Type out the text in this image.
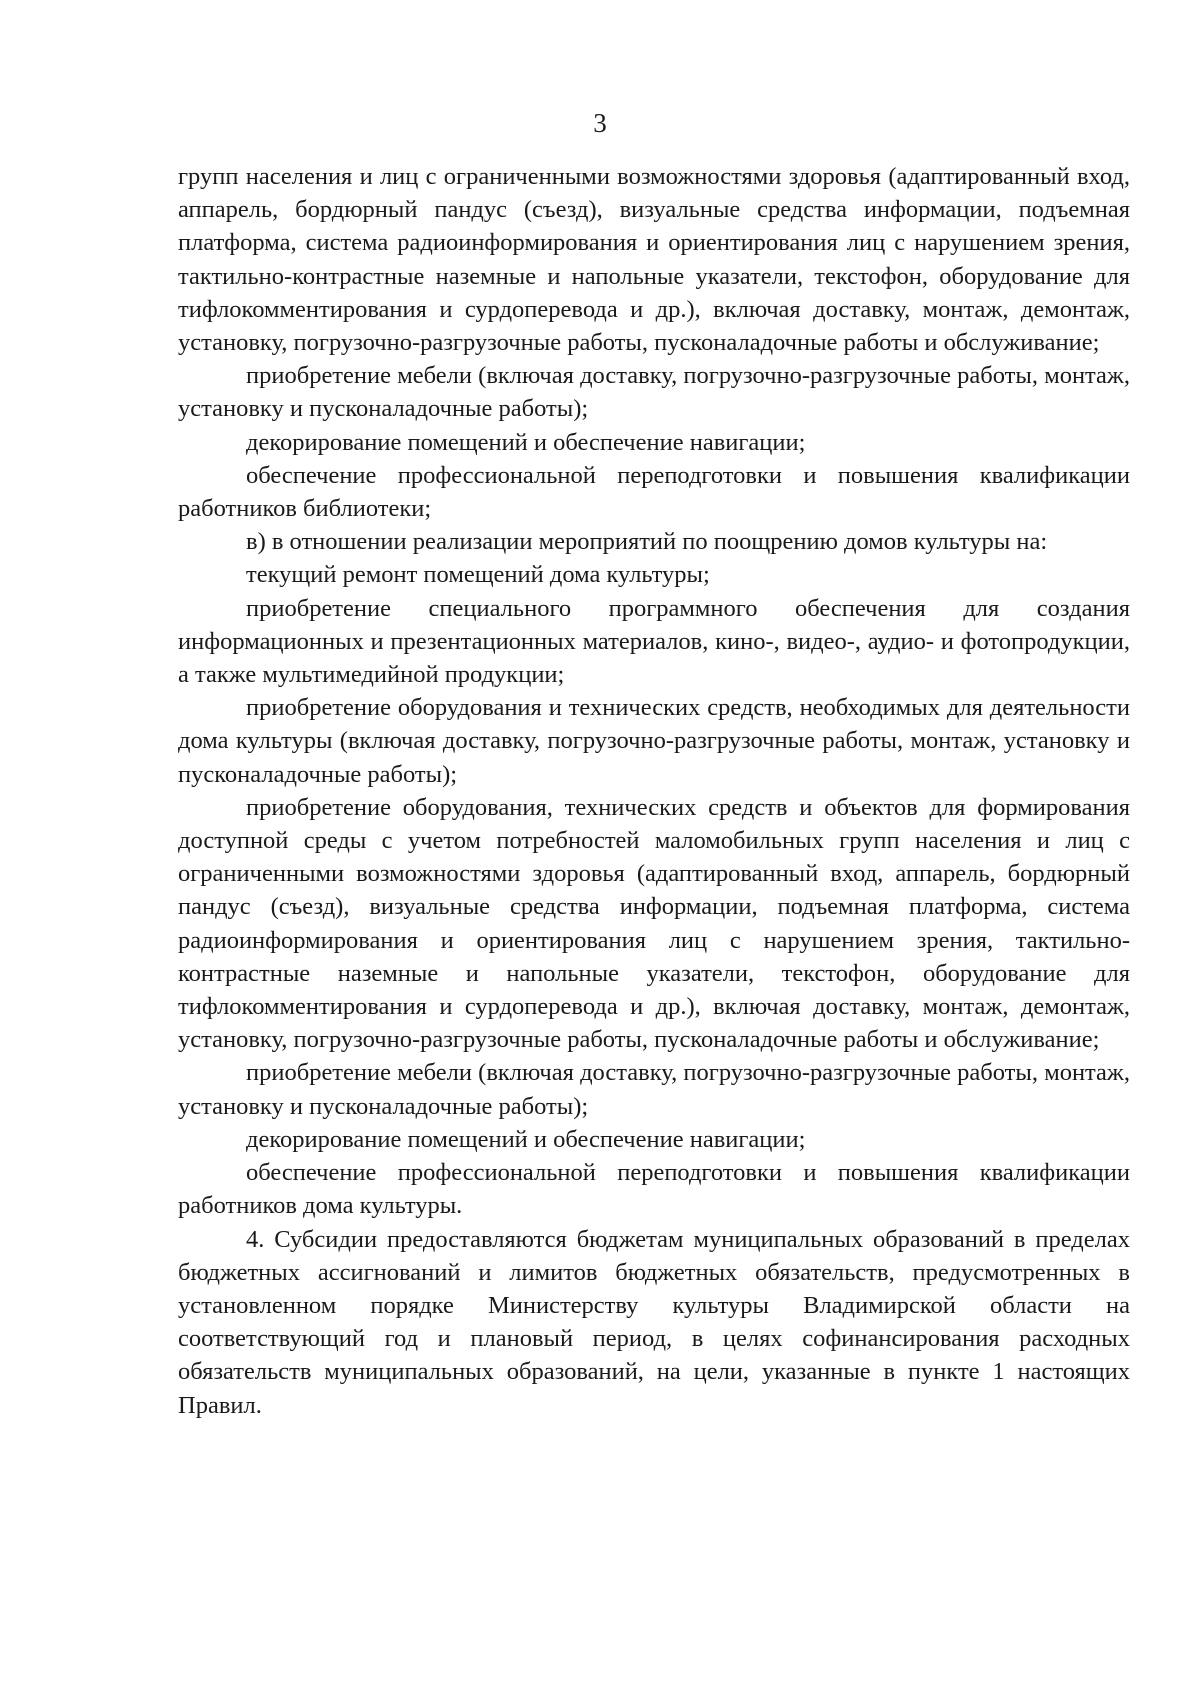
3

групп населения и лиц с ограниченными возможностями здоровья (адаптированный вход, аппарель, бордюрный пандус (съезд), визуальные средства информации, подъемная платформа, система радиоинформирования и ориентирования лиц с нарушением зрения, тактильно-контрастные наземные и напольные указатели, текстофон, оборудование для тифлокомментирования и сурдоперевода и др.), включая доставку, монтаж, демонтаж, установку, погрузочно-разгрузочные работы, пусконаладочные работы и обслуживание;

приобретение мебели (включая доставку, погрузочно-разгрузочные работы, монтаж, установку и пусконаладочные работы);

декорирование помещений и обеспечение навигации;

обеспечение профессиональной переподготовки и повышения квалификации работников библиотеки;

в) в отношении реализации мероприятий по поощрению домов культуры на:

текущий ремонт помещений дома культуры;

приобретение специального программного обеспечения для создания информационных и презентационных материалов, кино-, видео-, аудио- и фотопродукции, а также мультимедийной продукции;

приобретение оборудования и технических средств, необходимых для деятельности дома культуры (включая доставку, погрузочно-разгрузочные работы, монтаж, установку и пусконаладочные работы);

приобретение оборудования, технических средств и объектов для формирования доступной среды с учетом потребностей маломобильных групп населения и лиц с ограниченными возможностями здоровья (адаптированный вход, аппарель, бордюрный пандус (съезд), визуальные средства информации, подъемная платформа, система радиоинформирования и ориентирования лиц с нарушением зрения, тактильно-контрастные наземные и напольные указатели, текстофон, оборудование для тифлокомментирования и сурдоперевода и др.), включая доставку, монтаж, демонтаж, установку, погрузочно-разгрузочные работы, пусконаладочные работы и обслуживание;

приобретение мебели (включая доставку, погрузочно-разгрузочные работы, монтаж, установку и пусконаладочные работы);

декорирование помещений и обеспечение навигации;

обеспечение профессиональной переподготовки и повышения квалификации работников дома культуры.

4. Субсидии предоставляются бюджетам муниципальных образований в пределах бюджетных ассигнований и лимитов бюджетных обязательств, предусмотренных в установленном порядке Министерству культуры Владимирской области на соответствующий год и плановый период, в целях софинансирования расходных обязательств муниципальных образований, на цели, указанные в пункте 1 настоящих Правил.
